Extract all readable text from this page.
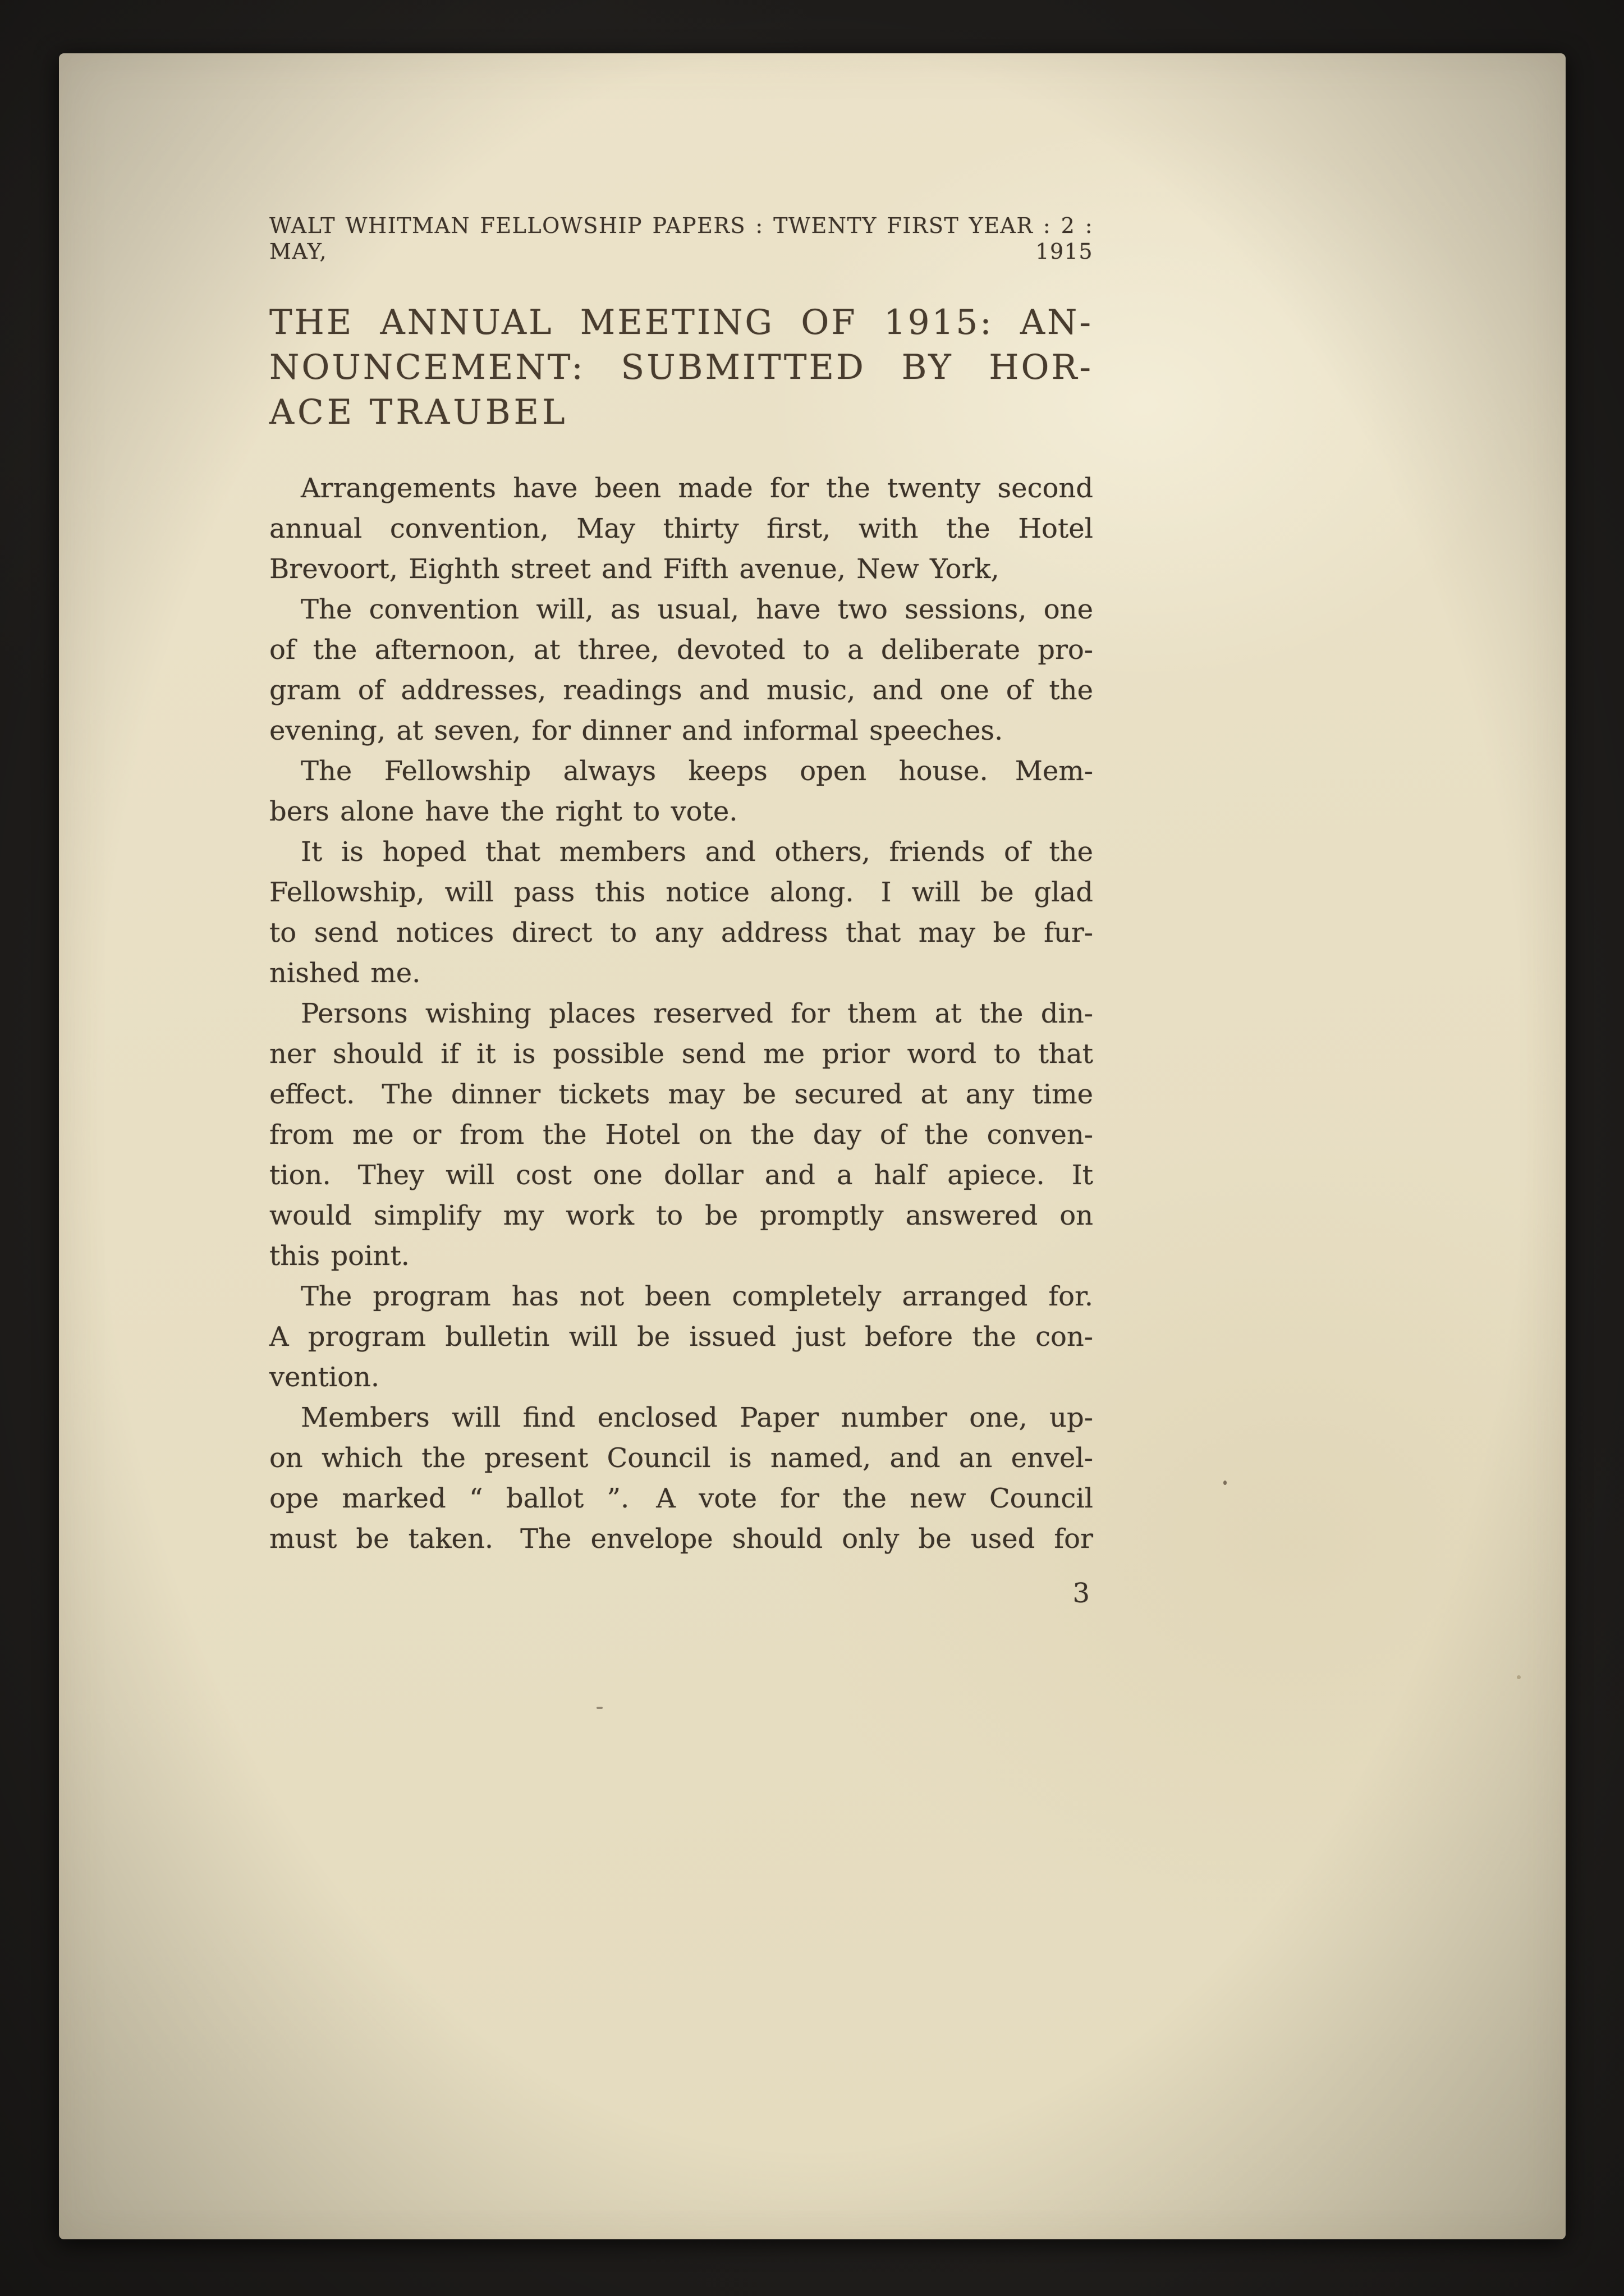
WALT WHITMAN FELLOWSHIP PAPERS : TWENTY FIRST YEAR : 2 : MAY, 1915
THE ANNUAL MEETING OF 1915: AN-
NOUNCEMENT: SUBMITTED BY HOR-
ACE TRAUBEL
Arrangements have been made for the twenty second
annual convention, May thirty first, with the Hotel
Brevoort, Eighth street and Fifth avenue, New York,
The convention will, as usual, have two sessions, one
of the afternoon, at three, devoted to a deliberate pro-
gram of addresses, readings and music, and one of the
evening, at seven, for dinner and informal speeches.
The Fellowship always keeps open house. Mem-
bers alone have the right to vote.
It is hoped that members and others, friends of the
Fellowship, will pass this notice along. I will be glad
to send notices direct to any address that may be fur-
nished me.
Persons wishing places reserved for them at the din-
ner should if it is possible send me prior word to that
effect. The dinner tickets may be secured at any time
from me or from the Hotel on the day of the conven-
tion. They will cost one dollar and a half apiece. It
would simplify my work to be promptly answered on
this point.
The program has not been completely arranged for.
A program bulletin will be issued just before the con-
vention.
Members will find enclosed Paper number one, up-
on which the present Council is named, and an envel-
ope marked “ ballot ”. A vote for the new Council
must be taken. The envelope should only be used for
3
